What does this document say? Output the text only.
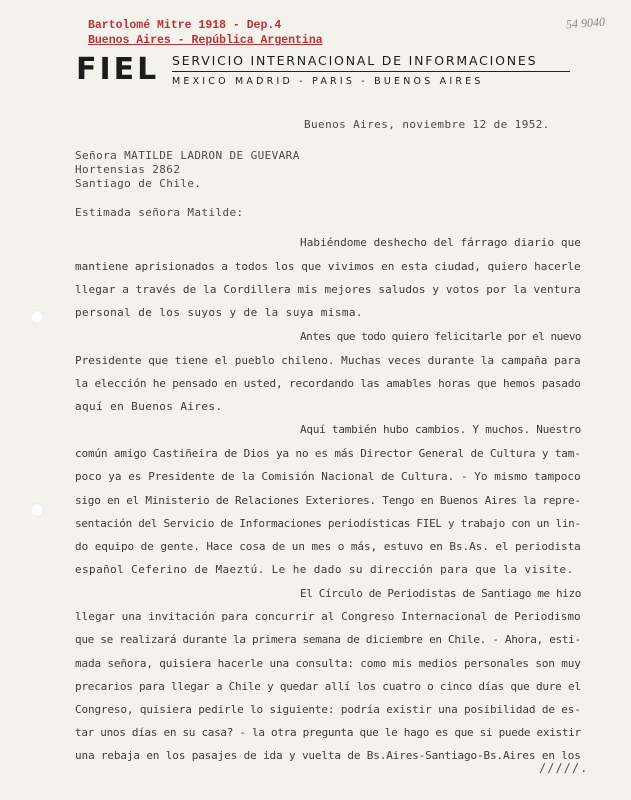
Bartolomé Mitre 1918 - Dep.4
Buenos Aires - República Argentina
54 9040
FIEL SERVICIO INTERNACIONAL DE INFORMACIONES
MEXICO MADRID - PARIS - BUENOS AIRES
Buenos Aires, noviembre 12 de 1952.
Señora MATILDE LADRON DE GUEVARA
Hortensias 2862
Santiago de Chile.
Estimada señora Matilde:
Habiéndome deshecho del fárrago diario que
mantiene aprisionados a todos los que vivimos en esta ciudad, quiero hacerle
llegar a través de la Cordillera mis mejores saludos y votos por la ventura
personal de los suyos y de la suya misma.
Antes que todo quiero felicitarle por el nuevo
Presidente que tiene el pueblo chileno. Muchas veces durante la campaña para
la elección he pensado en usted, recordando las amables horas que hemos pasado
aquí en Buenos Aires.
Aquí también hubo cambios. Y muchos. Nuestro
común amigo Castiñeira de Dios ya no es más Director General de Cultura y tam-
poco ya es Presidente de la Comisión Nacional de Cultura. - Yo mismo tampoco
sigo en el Ministerio de Relaciones Exteriores. Tengo en Buenos Aires la repre-
sentación del Servicio de Informaciones periodísticas FIEL y trabajo con un lin-
do equipo de gente. Hace cosa de un mes o más, estuvo en Bs.As. el periodista
español Ceferino de Maeztú. Le he dado su dirección para que la visite.
El Círculo de Periodistas de Santiago me hizo
llegar una invitación para concurrir al Congreso Internacional de Periodismo
que se realizará durante la primera semana de diciembre en Chile. - Ahora, esti-
mada señora, quisiera hacerle una consulta: como mis medios personales son muy
precarios para llegar a Chile y quedar allí los cuatro o cinco días que dure el
Congreso, quisiera pedirle lo siguiente: podría existir una posibilidad de es-
tar unos días en su casa? - la otra pregunta que le hago es que si puede existir
una rebaja en los pasajes de ida y vuelta de Bs.Aires-Santiago-Bs.Aires en los
/////.
